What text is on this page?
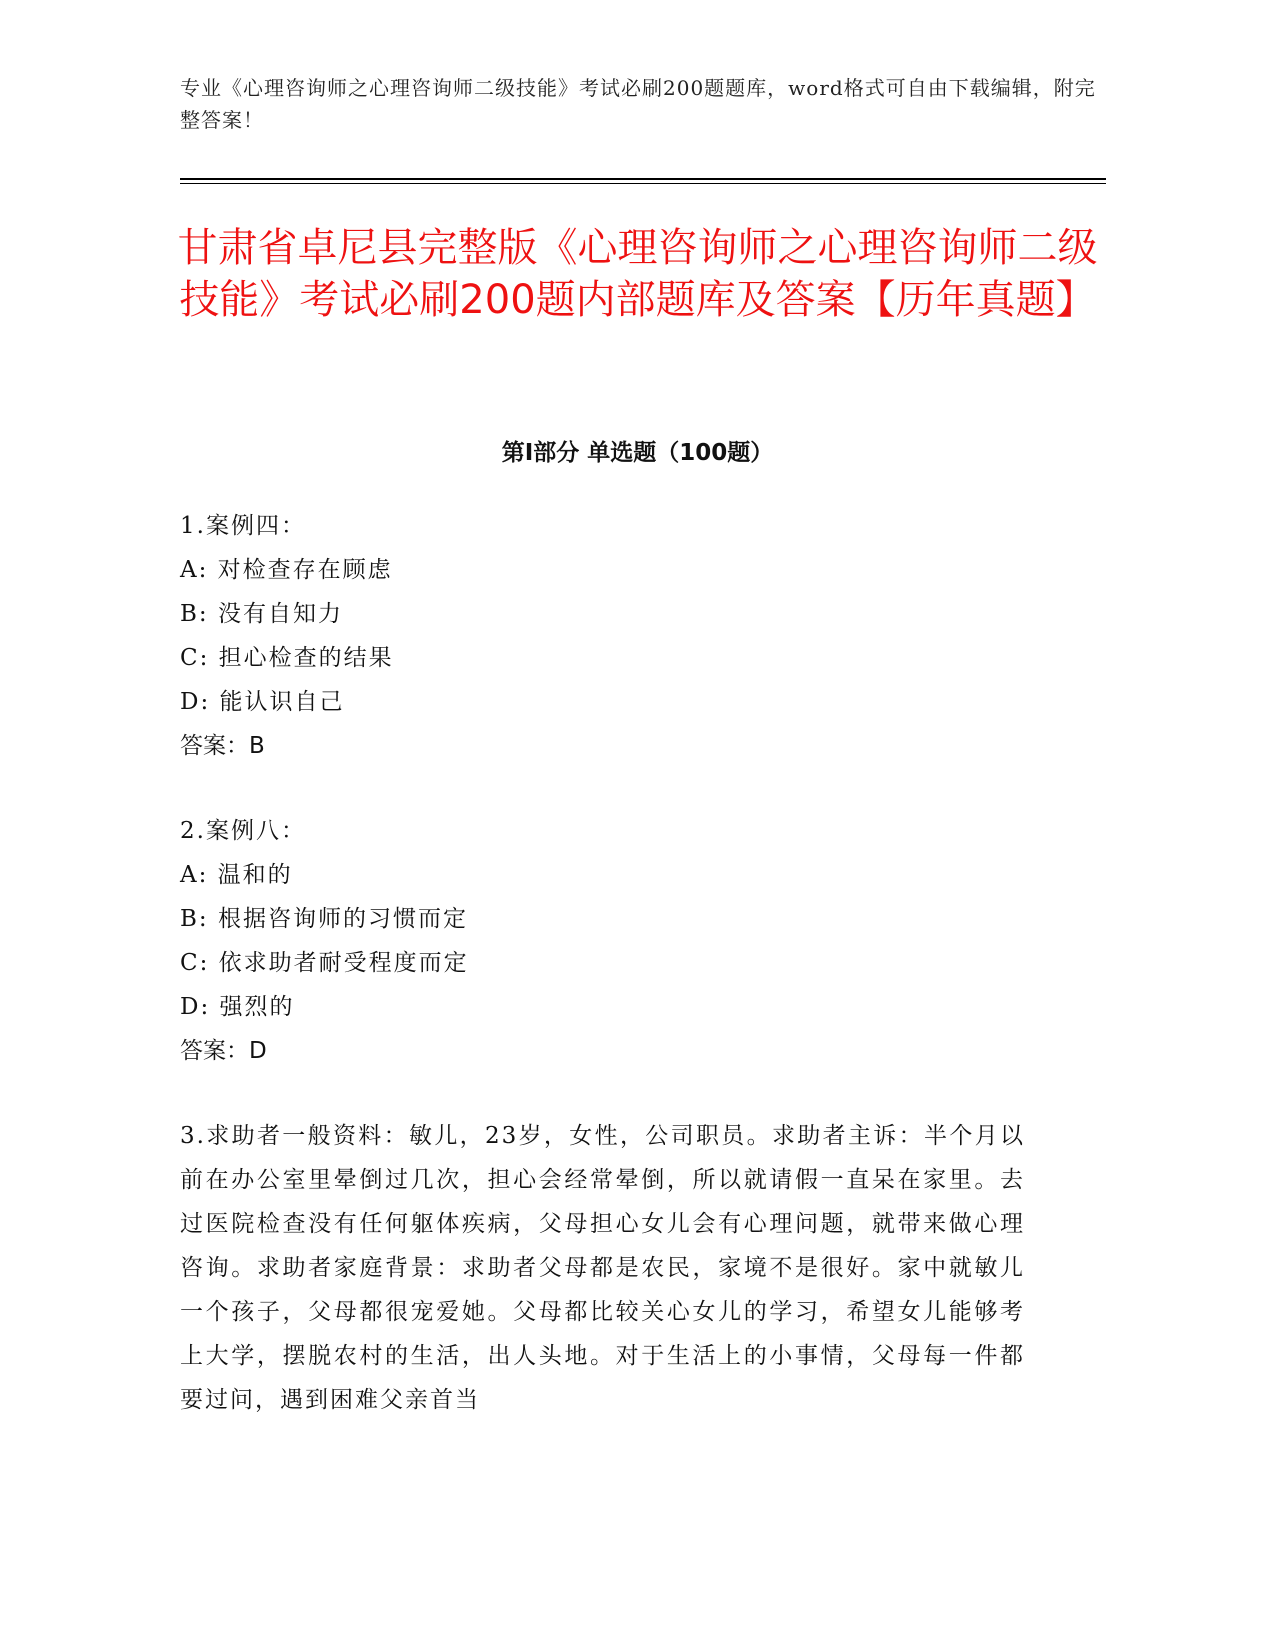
专业《心理咨询师之心理咨询师二级技能》考试必刷200题题库，word格式可自由下载编辑，附完整答案！
甘肃省卓尼县完整版《心理咨询师之心理咨询师二级技能》考试必刷200题内部题库及答案【历年真题】
第Ⅰ部分 单选题（100题）
1.案例四：
A: 对检查存在顾虑
B: 没有自知力
C: 担心检查的结果
D: 能认识自己
答案：B
2.案例八：
A: 温和的
B: 根据咨询师的习惯而定
C: 依求助者耐受程度而定
D: 强烈的
答案：D
3.求助者一般资料：敏儿，23岁，女性，公司职员。求助者主诉：半个月以前在办公室里晕倒过几次，担心会经常晕倒，所以就请假一直呆在家里。去过医院检查没有任何躯体疾病，父母担心女儿会有心理问题，就带来做心理咨询。求助者家庭背景：求助者父母都是农民，家境不是很好。家中就敏儿一个孩子，父母都很宠爱她。父母都比较关心女儿的学习，希望女儿能够考上大学，摆脱农村的生活，出人头地。对于生活上的小事情，父母每一件都要过问，遇到困难父亲首当
